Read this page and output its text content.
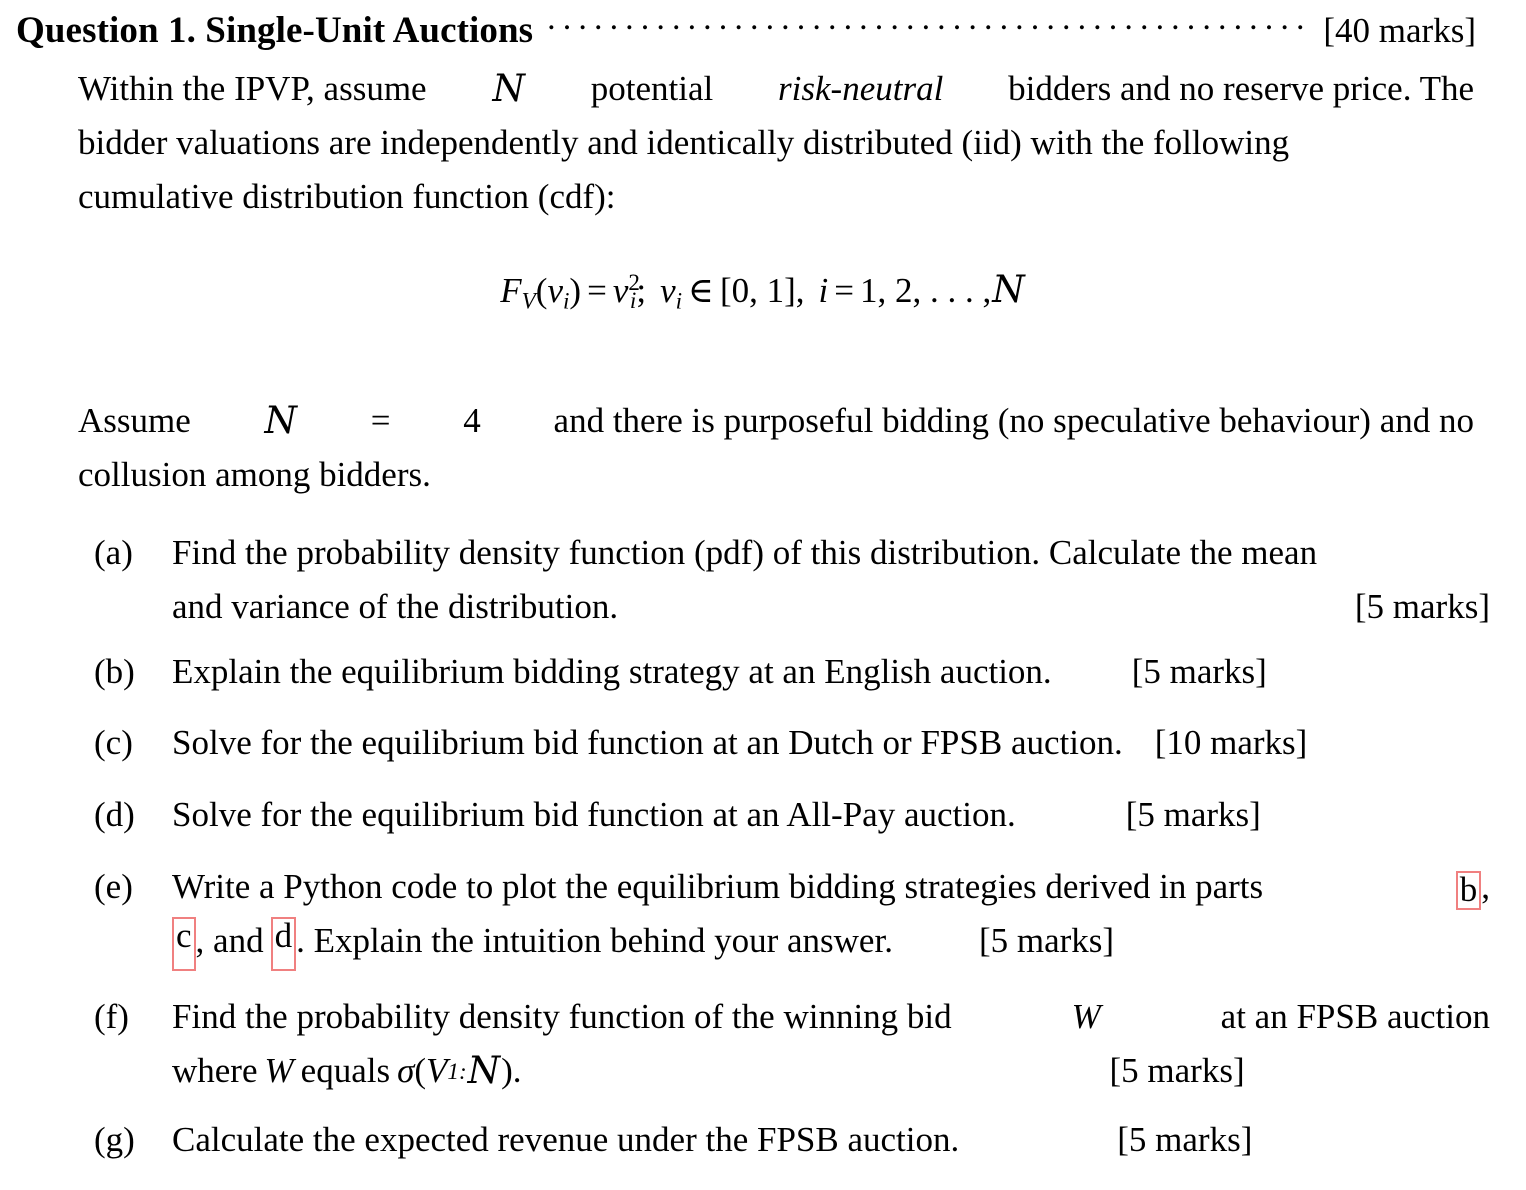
Question 1. Single-Unit Auctions .....	[40 marks]
Within the IPVP, assume N potential risk-neutral bidders and no reserve price. The
bidder valuations are independently and identically distributed (iid) with the following
cumulative distribution function (cdf):
$F_V(v_i) = v^2_i$; $v_i$ ∈ [0, 1], i = 1, 2, . . . ,N
Assume N = 4 and there is purposeful bidding (no speculative behaviour) and no
collusion among bidders.
(a)	Find the probability density function (pdf) of this distribution. Calculate the mean
and variance of the distribution.	[5 marks]
(b)	Explain the equilibrium bidding strategy at an English auction. [5 marks]
(c)	Solve for the equilibrium bid function at an Dutch or FPSB auction. [10 marks]
(d)	Solve for the equilibrium bid function at an All-Pay auction.	[5 marks]
(e)	Write a Python code to plot the equilibrium bidding strategies derived in parts	b ,
c , and d . Explain the intuition behind your answer. [5 marks]
(f)	Find the probability density function of the winning bid	W	at an FPSB auction
where W equals σ ( V 1: N ).	[5 marks]
(g)	Calculate the expected revenue under the FPSB auction.	[5 marks]
